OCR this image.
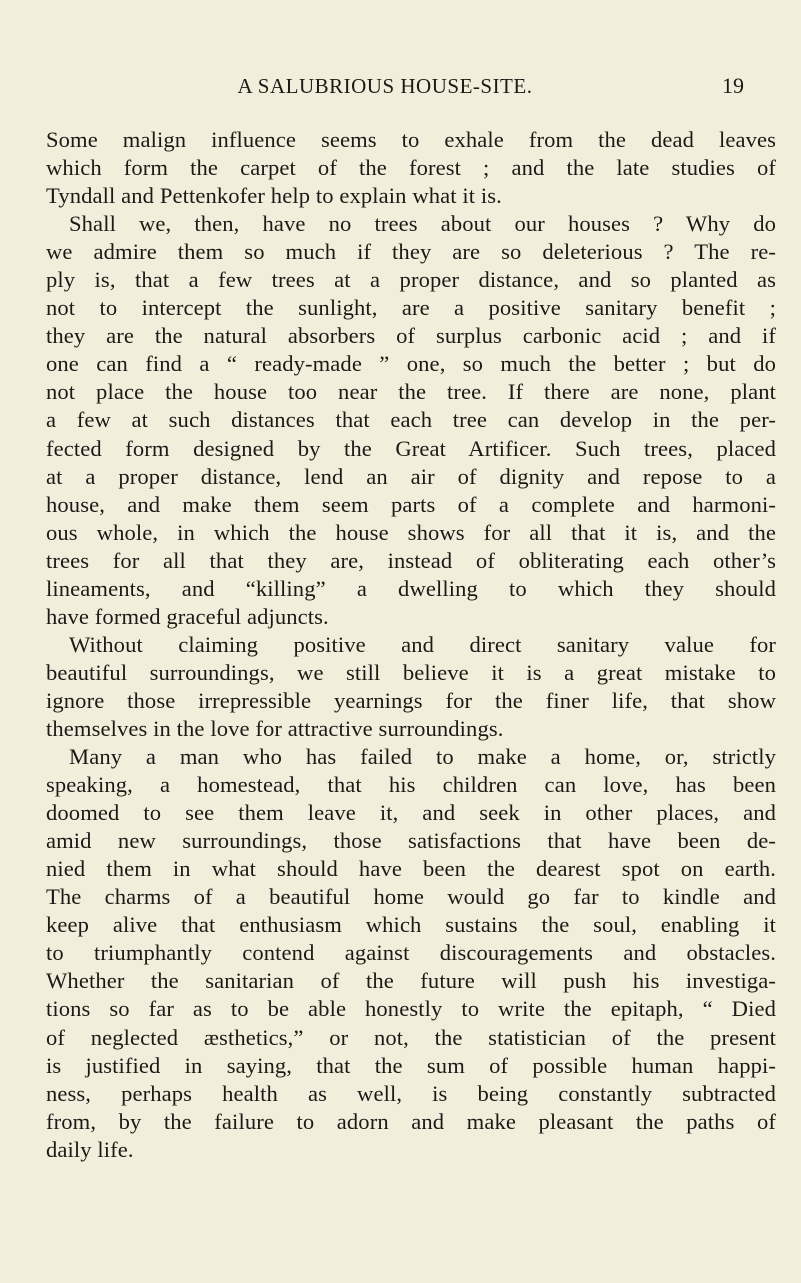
A SALUBRIOUS HOUSE-SITE.	19
Some malign influence seems to exhale from the dead leaves
which form the carpet of the forest ; and the late studies of
Tyndall and Pettenkofer help to explain what it is.
Shall we, then, have no trees about our houses ? Why do
we admire them so much if they are so deleterious ? The re-
ply is, that a few trees at a proper distance, and so planted as
not to intercept the sunlight, are a positive sanitary benefit ;
they are the natural absorbers of surplus carbonic acid ; and if
one can find a “ ready-made ” one, so much the better ; but do
not place the house too near the tree. If there are none, plant
a few at such distances that each tree can develop in the per-
fected form designed by the Great Artificer. Such trees, placed
at a proper distance, lend an air of dignity and repose to a
house, and make them seem parts of a complete and harmoni-
ous whole, in which the house shows for all that it is, and the
trees for all that they are, instead of obliterating each other’s
lineaments, and “killing” a dwelling to which they should
have formed graceful adjuncts.
Without claiming positive and direct sanitary value for
beautiful surroundings, we still believe it is a great mistake to
ignore those irrepressible yearnings for the finer life, that show
themselves in the love for attractive surroundings.
Many a man who has failed to make a home, or, strictly
speaking, a homestead, that his children can love, has been
doomed to see them leave it, and seek in other places, and
amid new surroundings, those satisfactions that have been de-
nied them in what should have been the dearest spot on earth.
The charms of a beautiful home would go far to kindle and
keep alive that enthusiasm which sustains the soul, enabling it
to triumphantly contend against discouragements and obstacles.
Whether the sanitarian of the future will push his investiga-
tions so far as to be able honestly to write the epitaph, “ Died
of neglected æsthetics,” or not, the statistician of the present
is justified in saying, that the sum of possible human happi-
ness, perhaps health as well, is being constantly subtracted
from, by the failure to adorn and make pleasant the paths of
daily life.
